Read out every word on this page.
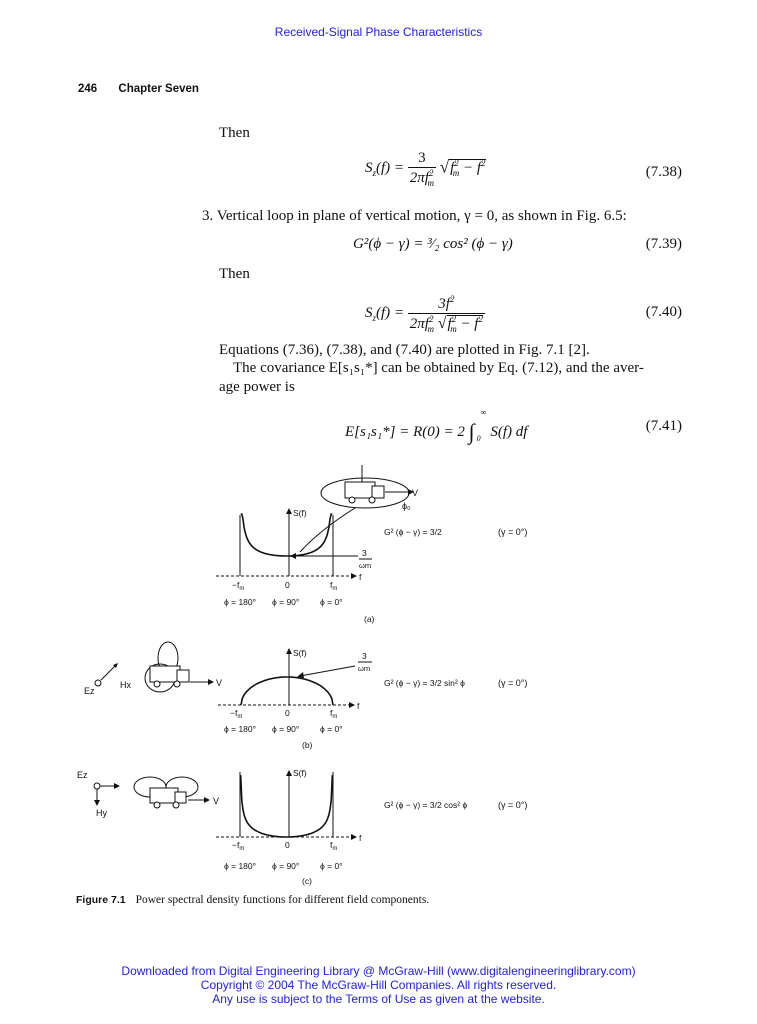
Received-Signal Phase Characteristics
246 Chapter Seven
Then
$S_z(f) = \frac{3}{2\pi f^2_m} √f^2_m - f^2$
(7.38)
3. Vertical loop in plane of vertical motion, γ = 0, as shown in Fig. 6.5:
G²(ϕ − γ) = ³⁄₂ cos² (ϕ − γ)	(7.39)
Then
$S_z(f) = \frac{3f^2}{2\pi f^2_m √f^2_m - f^2}$	(7.40)
Equations (7.36), (7.38), and (7.40) are plotted in Fig. 7.1 [2].
The covariance E[s₁s₁*] can be obtained by Eq. (7.12), and the aver-
age power is
E[s₁s₁*] = R(0) = 2 ∫
∞
0 S(f) df	(7.41)
V
ϕ₀
G² (ϕ − γ) = 3/2	(γ = 0°)
f
S(f)
3
ωm
$-f_m$	0	$f_m$
ϕ = 180° ϕ = 90° ϕ = 0°
(a)
Ez
Hx	V
f
S(f)	3
ωm
G² (ϕ − γ) = 3/2 sin² ϕ	(γ = 0°)
$-f_m$	0	$f_m$
ϕ = 180° ϕ = 90° ϕ = 0°
(b)
Ez
Hy
V
f
S(f)
G² (ϕ − γ) = 3/2 cos² ϕ	(γ = 0°)
$-f_m$	0	$f_m$
ϕ = 180° ϕ = 90° ϕ = 0°
(c)
Figure 7.1 Power spectral density functions for different field components.
Downloaded from Digital Engineering Library @ McGraw-Hill (www.digitalengineeringlibrary.com)
Copyright © 2004 The McGraw-Hill Companies. All rights reserved.
Any use is subject to the Terms of Use as given at the website.
